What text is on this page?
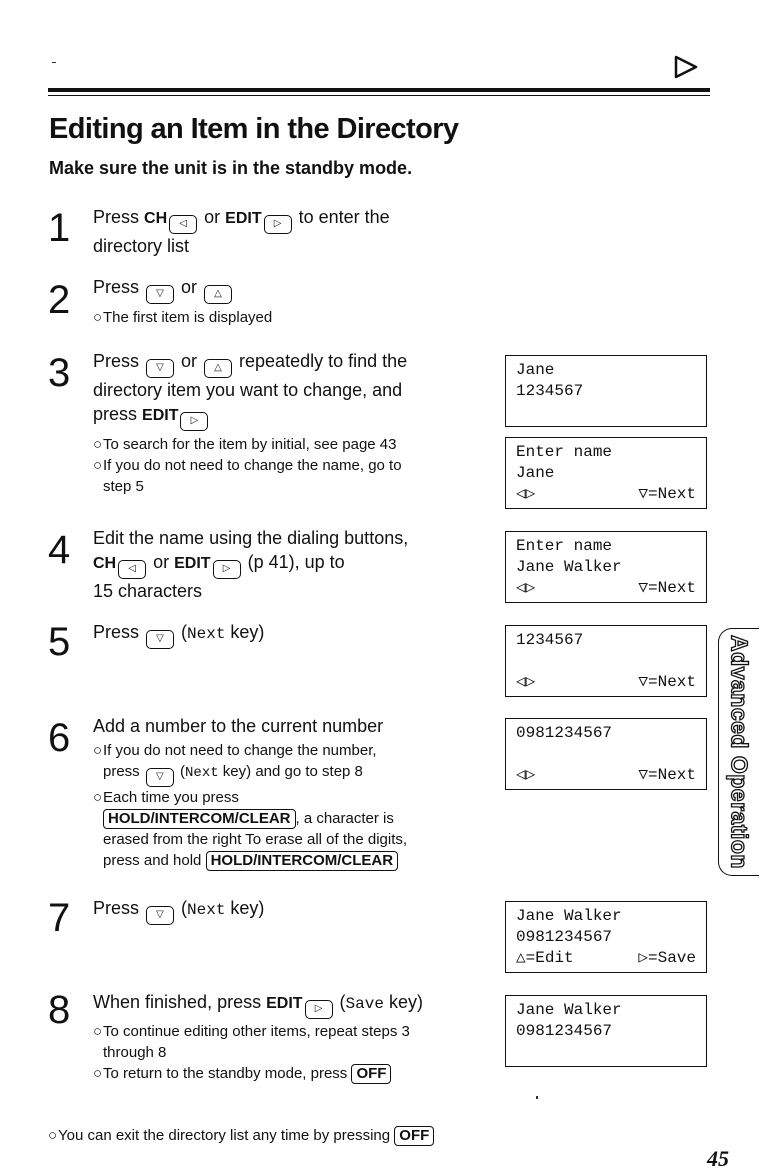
Editing an Item in the Directory
Make sure the unit is in the standby mode.
1 Press CH ◁ or EDIT ▷ to enter the
directory list
2 Press ▽ or △
○The first item is displayed
3 Press ▽ or △ repeatedly to find the
directory item you want to change, and
press EDIT ▷
○To search for the item by initial, see page 43
○If you do not need to change the name, go to
step 5
4 Edit the name using the dialing buttons,
CH ◁ or EDIT ▷ (p 41), up to
15 characters
5 Press ▽ (Next key)
6 Add a number to the current number
○If you do not need to change the number,
press ▽ (Next key) and go to step 8
○Each time you press
HOLD/INTERCOM/CLEAR , a character is
erased from the right To erase all of the digits,
press and hold HOLD/INTERCOM/CLEAR
7 Press ▽ (Next key)
8 When finished, press EDIT ▷ (Save key)
○To continue editing other items, repeat steps 3
through 8
○To return to the standby mode, press OFF
Jane
1234567
Enter name
Jane
◁▷	▽=Next
Enter name
Jane Walker
◁▷	▽=Next
1234567
◁▷	▽=Next
0981234567
◁▷	▽=Next
Jane Walker
0981234567
△=Edit	▷=Save
Jane Walker
0981234567
Advanced Operation
○You can exit the directory list any time by pressing OFF
45
